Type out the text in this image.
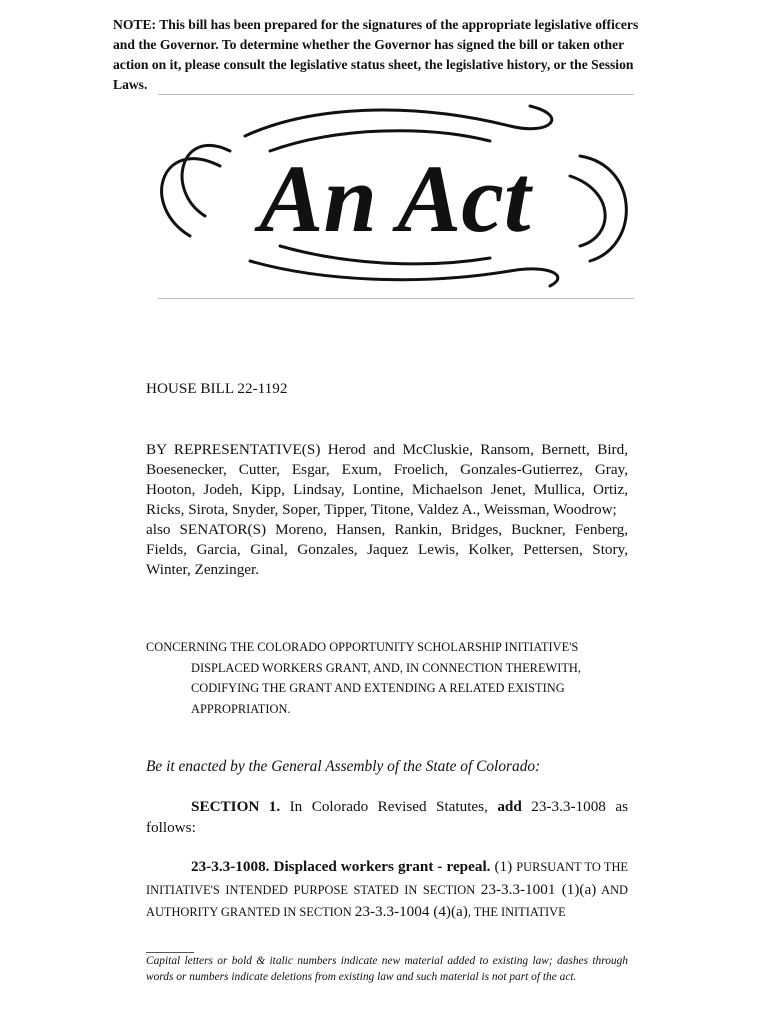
NOTE: This bill has been prepared for the signatures of the appropriate legislative officers and the Governor. To determine whether the Governor has signed the bill or taken other action on it, please consult the legislative status sheet, the legislative history, or the Session Laws.
An Act
HOUSE BILL 22-1192

BY REPRESENTATIVE(S) Herod and McCluskie, Ransom, Bernett, Bird, Boesenecker, Cutter, Esgar, Exum, Froelich, Gonzales-Gutierrez, Gray, Hooton, Jodeh, Kipp, Lindsay, Lontine, Michaelson Jenet, Mullica, Ortiz, Ricks, Sirota, Snyder, Soper, Tipper, Titone, Valdez A., Weissman, Woodrow;

also SENATOR(S) Moreno, Hansen, Rankin, Bridges, Buckner, Fenberg, Fields, Garcia, Ginal, Gonzales, Jaquez Lewis, Kolker, Pettersen, Story, Winter, Zenzinger.

CONCERNING THE COLORADO OPPORTUNITY SCHOLARSHIP INITIATIVE'S
DISPLACED WORKERS GRANT, AND, IN CONNECTION THEREWITH,
CODIFYING THE GRANT AND EXTENDING A RELATED EXISTING
APPROPRIATION.
Be it enacted by the General Assembly of the State of Colorado:
SECTION 1. In Colorado Revised Statutes, add 23-3.3-1008 as follows:
23-3.3-1008. Displaced workers grant - repeal. (1) PURSUANT TO THE INITIATIVE'S INTENDED PURPOSE STATED IN SECTION 23-3.3-1001 (1)(a) AND AUTHORITY GRANTED IN SECTION 23-3.3-1004 (4)(a), THE INITIATIVE
Capital letters or bold & italic numbers indicate new material added to existing law; dashes through words or numbers indicate deletions from existing law and such material is not part of the act.
